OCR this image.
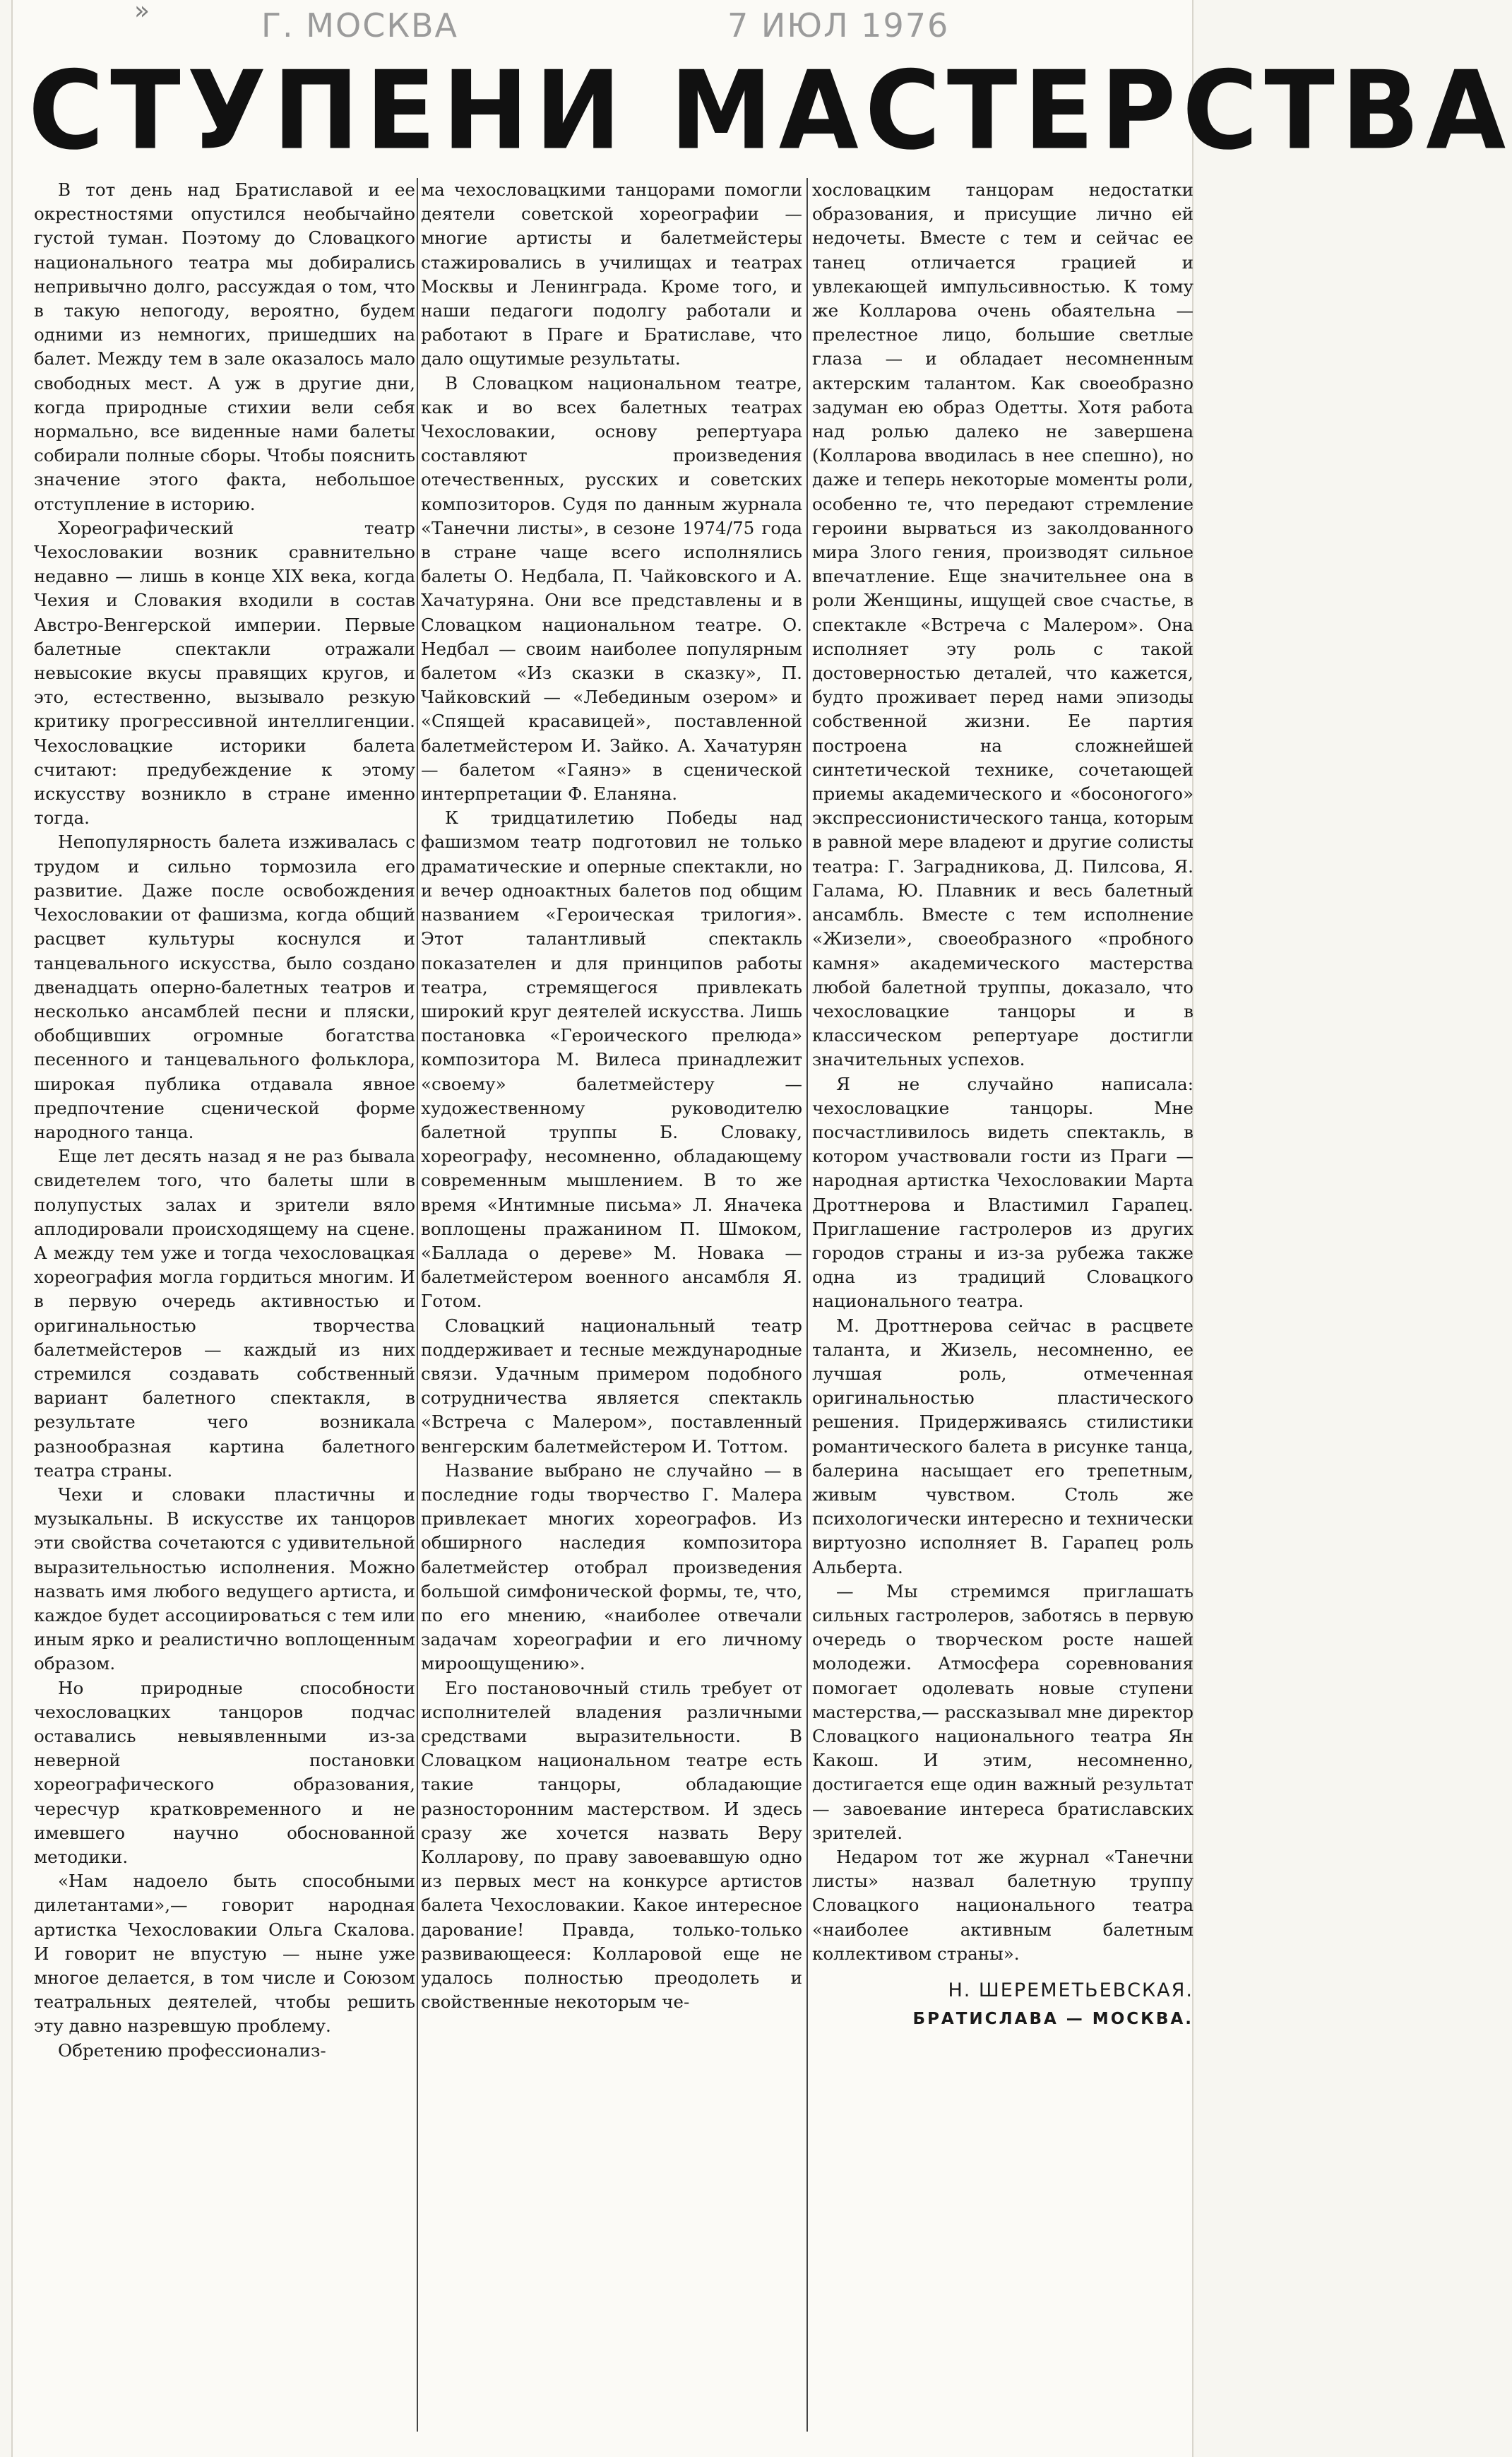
»	Г. МОСКВА	7 ИЮЛ 1976
СТУПЕНИ МАСТЕРСТВА

В тот день над Братиславой и ее окрестностями опустился необычайно густой туман. Поэтому до Словацкого национального театра мы добирались непривычно долго, рассуждая о том, что в такую непогоду, вероятно, будем одними из немногих, пришедших на балет. Между тем в зале оказалось мало свободных мест. А уж в другие дни, когда природные стихии вели себя нормально, все виденные нами балеты собирали полные сборы. Чтобы пояснить значение этого факта, небольшое отступление в историю.

Хореографический театр Чехословакии возник сравнительно недавно — лишь в конце XIX века, когда Чехия и Словакия входили в состав Австро-Венгерской империи. Первые балетные спектакли отражали невысокие вкусы правящих кругов, и это, естественно, вызывало резкую критику прогрессивной интеллигенции. Чехословацкие историки балета считают: предубеждение к этому искусству возникло в стране именно тогда.

Непопулярность балета изживалась с трудом и сильно тормозила его развитие. Даже после освобождения Чехословакии от фашизма, когда общий расцвет культуры коснулся и танцевального искусства, было создано двенадцать оперно-балетных театров и несколько ансамблей песни и пляски, обобщивших огромные богатства песенного и танцевального фольклора, широкая публика отдавала явное предпочтение сценической форме народного танца.

Еще лет десять назад я не раз бывала свидетелем того, что балеты шли в полупустых залах и зрители вяло аплодировали происходящему на сцене. А между тем уже и тогда чехословацкая хореография могла гордиться многим. И в первую очередь активностью и оригинальностью творчества балетмейстеров — каждый из них стремился создавать собственный вариант балетного спектакля, в результате чего возникала разнообразная картина балетного театра страны.

Чехи и словаки пластичны и музыкальны. В искусстве их танцоров эти свойства сочетаются с удивительной выразительностью исполнения. Можно назвать имя любого ведущего артиста, и каждое будет ассоциироваться с тем или иным ярко и реалистично воплощенным образом.

Но природные способности чехословацких танцоров подчас оставались невыявленными из-за неверной постановки хореографического образования, чересчур кратковременного и не имевшего научно обоснованной методики.

«Нам надоело быть способными дилетантами»,— говорит народная артистка Чехословакии Ольга Скалова. И говорит не впустую — ныне уже многое делается, в том числе и Союзом театральных деятелей, чтобы решить эту давно назревшую проблему.

Обретению профессионализ-

ма чехословацкими танцорами помогли деятели советской хореографии — многие артисты и балетмейстеры стажировались в училищах и театрах Москвы и Ленинграда. Кроме того, и наши педагоги подолгу работали и работают в Праге и Братиславе, что дало ощутимые результаты.

В Словацком национальном театре, как и во всех балетных театрах Чехословакии, основу репертуара составляют произведения отечественных, русских и советских композиторов. Судя по данным журнала «Танечни листы», в сезоне 1974/75 года в стране чаще всего исполнялись балеты О. Недбала, П. Чайковского и А. Хачатуряна. Они все представлены и в Словацком национальном театре. О. Недбал — своим наиболее популярным балетом «Из сказки в сказку», П. Чайковский — «Лебединым озером» и «Спящей красавицей», поставленной балетмейстером И. Зайко. А. Хачатурян — балетом «Гаянэ» в сценической интерпретации Ф. Еланяна.

К тридцатилетию Победы над фашизмом театр подготовил не только драматические и оперные спектакли, но и вечер одноактных балетов под общим названием «Героическая трилогия». Этот талантливый спектакль показателен и для принципов работы театра, стремящегося привлекать широкий круг деятелей искусства. Лишь постановка «Героического прелюда» композитора М. Вилеса принадлежит «своему» балетмейстеру — художественному руководителю балетной труппы Б. Словаку, хореографу, несомненно, обладающему современным мышлением. В то же время «Интимные письма» Л. Яначека воплощены пражанином П. Шмоком, «Баллада о дереве» М. Новака — балетмейстером военного ансамбля Я. Готом.

Словацкий национальный театр поддерживает и тесные международные связи. Удачным примером подобного сотрудничества является спектакль «Встреча с Малером», поставленный венгерским балетмейстером И. Тоттом.

Название выбрано не случайно — в последние годы творчество Г. Малера привлекает многих хореографов. Из обширного наследия композитора балетмейстер отобрал произведения большой симфонической формы, те, что, по его мнению, «наиболее отвечали задачам хореографии и его личному мироощущению».

Его постановочный стиль требует от исполнителей владения различными средствами выразительности. В Словацком национальном театре есть такие танцоры, обладающие разносторонним мастерством. И здесь сразу же хочется назвать Веру Колларову, по праву завоевавшую одно из первых мест на конкурсе артистов балета Чехословакии. Какое интересное дарование! Правда, только-только развивающееся: Колларовой еще не удалось полностью преодолеть и свойственные некоторым че-

хословацким танцорам недостатки образования, и присущие лично ей недочеты. Вместе с тем и сейчас ее танец отличается грацией и увлекающей импульсивностью. К тому же Колларова очень обаятельна — прелестное лицо, большие светлые глаза — и обладает несомненным актерским талантом. Как своеобразно задуман ею образ Одетты. Хотя работа над ролью далеко не завершена (Колларова вводилась в нее спешно), но даже и теперь некоторые моменты роли, особенно те, что передают стремление героини вырваться из заколдованного мира Злого гения, производят сильное впечатление. Еще значительнее она в роли Женщины, ищущей свое счастье, в спектакле «Встреча с Малером». Она исполняет эту роль с такой достоверностью деталей, что кажется, будто проживает перед нами эпизоды собственной жизни. Ее партия построена на сложнейшей синтетической технике, сочетающей приемы академического и «босоногого» экспрессионистического танца, которым в равной мере владеют и другие солисты театра: Г. Заградникова, Д. Пилсова, Я. Галама, Ю. Плавник и весь балетный ансамбль. Вместе с тем исполнение «Жизели», своеобразного «пробного камня» академического мастерства любой балетной труппы, доказало, что чехословацкие танцоры и в классическом репертуаре достигли значительных успехов.

Я не случайно написала: чехословацкие танцоры. Мне посчастливилось видеть спектакль, в котором участвовали гости из Праги — народная артистка Чехословакии Марта Дроттнерова и Властимил Гарапец. Приглашение гастролеров из других городов страны и из-за рубежа также одна из традиций Словацкого национального театра.

М. Дроттнерова сейчас в расцвете таланта, и Жизель, несомненно, ее лучшая роль, отмеченная оригинальностью пластического решения. Придерживаясь стилистики романтического балета в рисунке танца, балерина насыщает его трепетным, живым чувством. Столь же психологически интересно и технически виртуозно исполняет В. Гарапец роль Альберта.

— Мы стремимся приглашать сильных гастролеров, заботясь в первую очередь о творческом росте нашей молодежи. Атмосфера соревнования помогает одолевать новые ступени мастерства,— рассказывал мне директор Словацкого национального театра Ян Какош. И этим, несомненно, достигается еще один важный результат — завоевание интереса братиславских зрителей.

Недаром тот же журнал «Танечни листы» назвал балетную труппу Словацкого национального театра «наиболее активным балетным коллективом страны».

Н. ШЕРЕМЕТЬЕВСКАЯ.
БРАТИСЛАВА — МОСКВА.
